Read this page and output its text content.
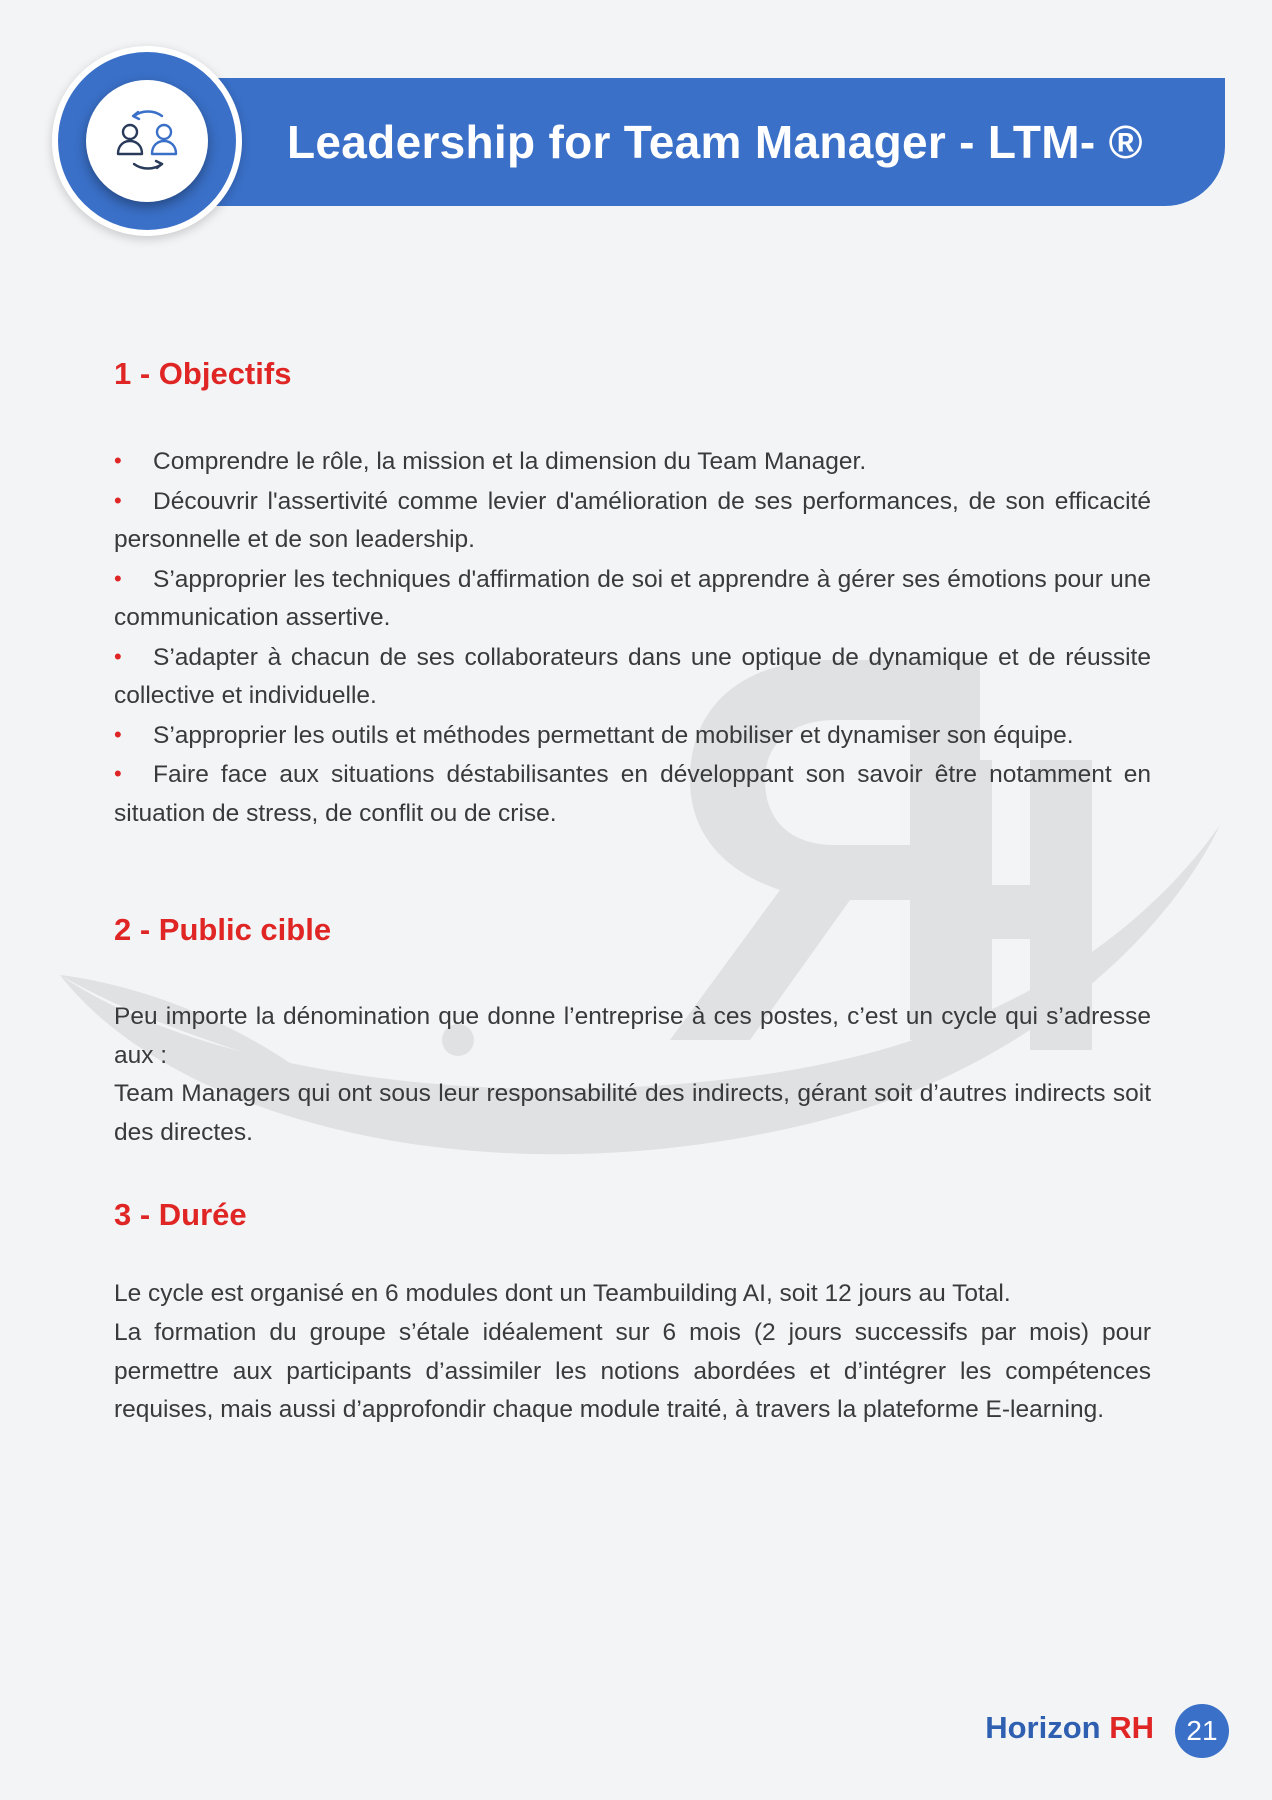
Leadership for Team Manager - LTM- ®
1 - Objectifs
• Comprendre le rôle, la mission et la dimension du Team Manager.
• Découvrir l'assertivité comme levier d'amélioration de ses performances, de son efficacité personnelle et de son leadership.
• S’approprier les techniques d'affirmation de soi et apprendre à gérer ses émotions pour une communication assertive.
• S’adapter à chacun de ses collaborateurs dans une optique de dynamique et de réussite collective et individuelle.
• S’approprier les outils et méthodes permettant de mobiliser et dynamiser son équipe.
• Faire face aux situations déstabilisantes en développant son savoir être notamment en situation de stress, de conflit ou de crise.
2 - Public cible

Peu importe la dénomination que donne l’entreprise à ces postes, c’est un cycle qui s’adresse aux :

Team Managers qui ont sous leur responsabilité des indirects, gérant soit d’autres indirects soit des directes.

3 - Durée

Le cycle est organisé en 6 modules dont un Teambuilding AI, soit 12 jours au Total.

La formation du groupe s’étale idéalement sur 6 mois (2 jours successifs par mois) pour permettre aux participants d’assimiler les notions abordées et d’intégrer les compétences requises, mais aussi d’approfondir chaque module traité, à travers la plateforme E-learning.

Horizon RH	21
